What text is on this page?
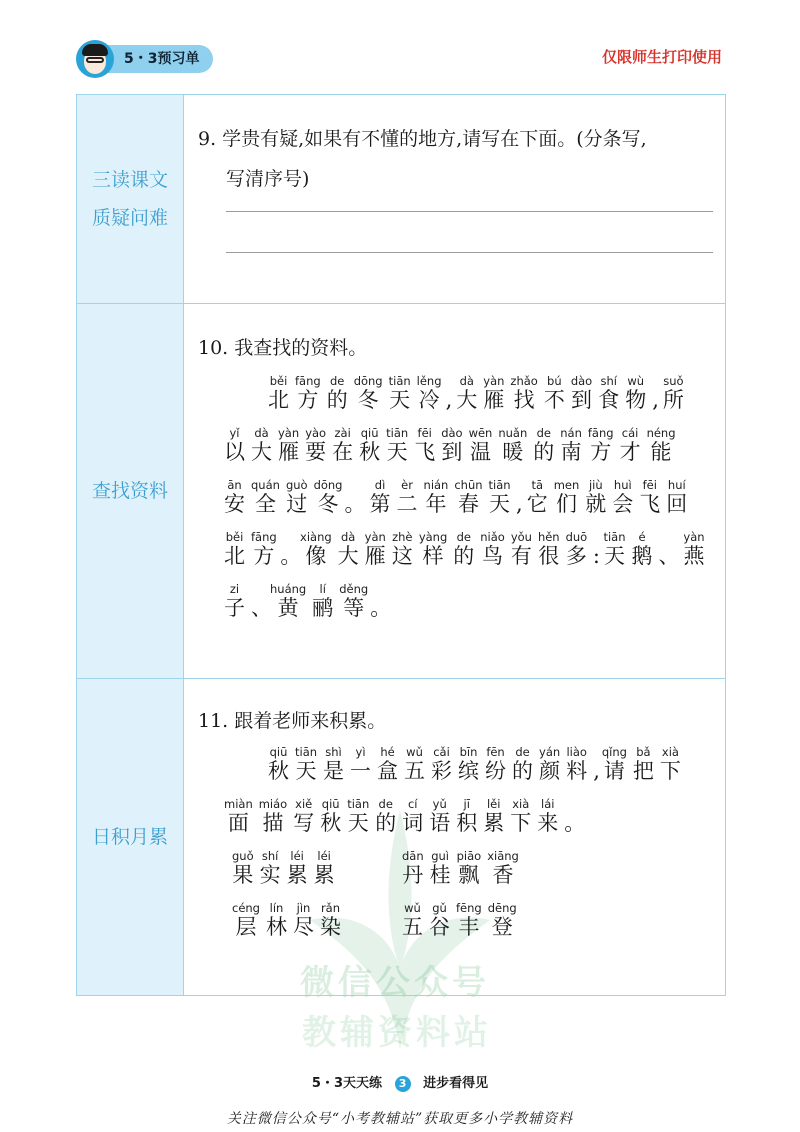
5・3预习单	仅限师生打印使用
微信公众号
教辅资料站
三读课文
质疑问难
9. 学贵有疑,如果有不懂的地方,请写在下面。(分条写,
写清序号)
查找资料
10. 我查找的资料。
北běi方fāng的de冬dōng天tiān冷lěng, 大dà雁yàn找zhǎo不bú到dào食shí物wù, 所suǒ
以yǐ大dà雁yàn要yào在zài秋qiū天tiān飞fēi到dào温wēn暖nuǎn的de南nán方fāng才cái能néng
安ān全quán过guò冬dōng。 第dì二èr年nián春chūn天tiān, 它tā们men就jiù会huì飞fēi回huí
北běi方fāng。像xiàng大dà雁yàn这zhè样yàng的de鸟niǎo有yǒu很hěn多duō: 天tiān鹅é、 燕yàn
子zi、黄huáng鹂lí等děng。
日积月累
11. 跟着老师来积累。
秋qiū天tiān是shì一yì盒hé五wǔ彩cǎi缤bīn纷fēn的de颜yán料liào,请qǐng把bǎ下xià
面miàn描miáo写xiě秋qiū天tiān的de词cí语yǔ积jī累lěi下xià来lái。
果guǒ实shí累léi累léi
丹dān桂guì飘piāo香xiāng
层céng林lín尽jìn染rǎn
五wǔ谷gǔ丰fēng登dēng
5・3天天练 3 进步看得见
关注微信公众号“小考教辅站”获取更多小学教辅资料
